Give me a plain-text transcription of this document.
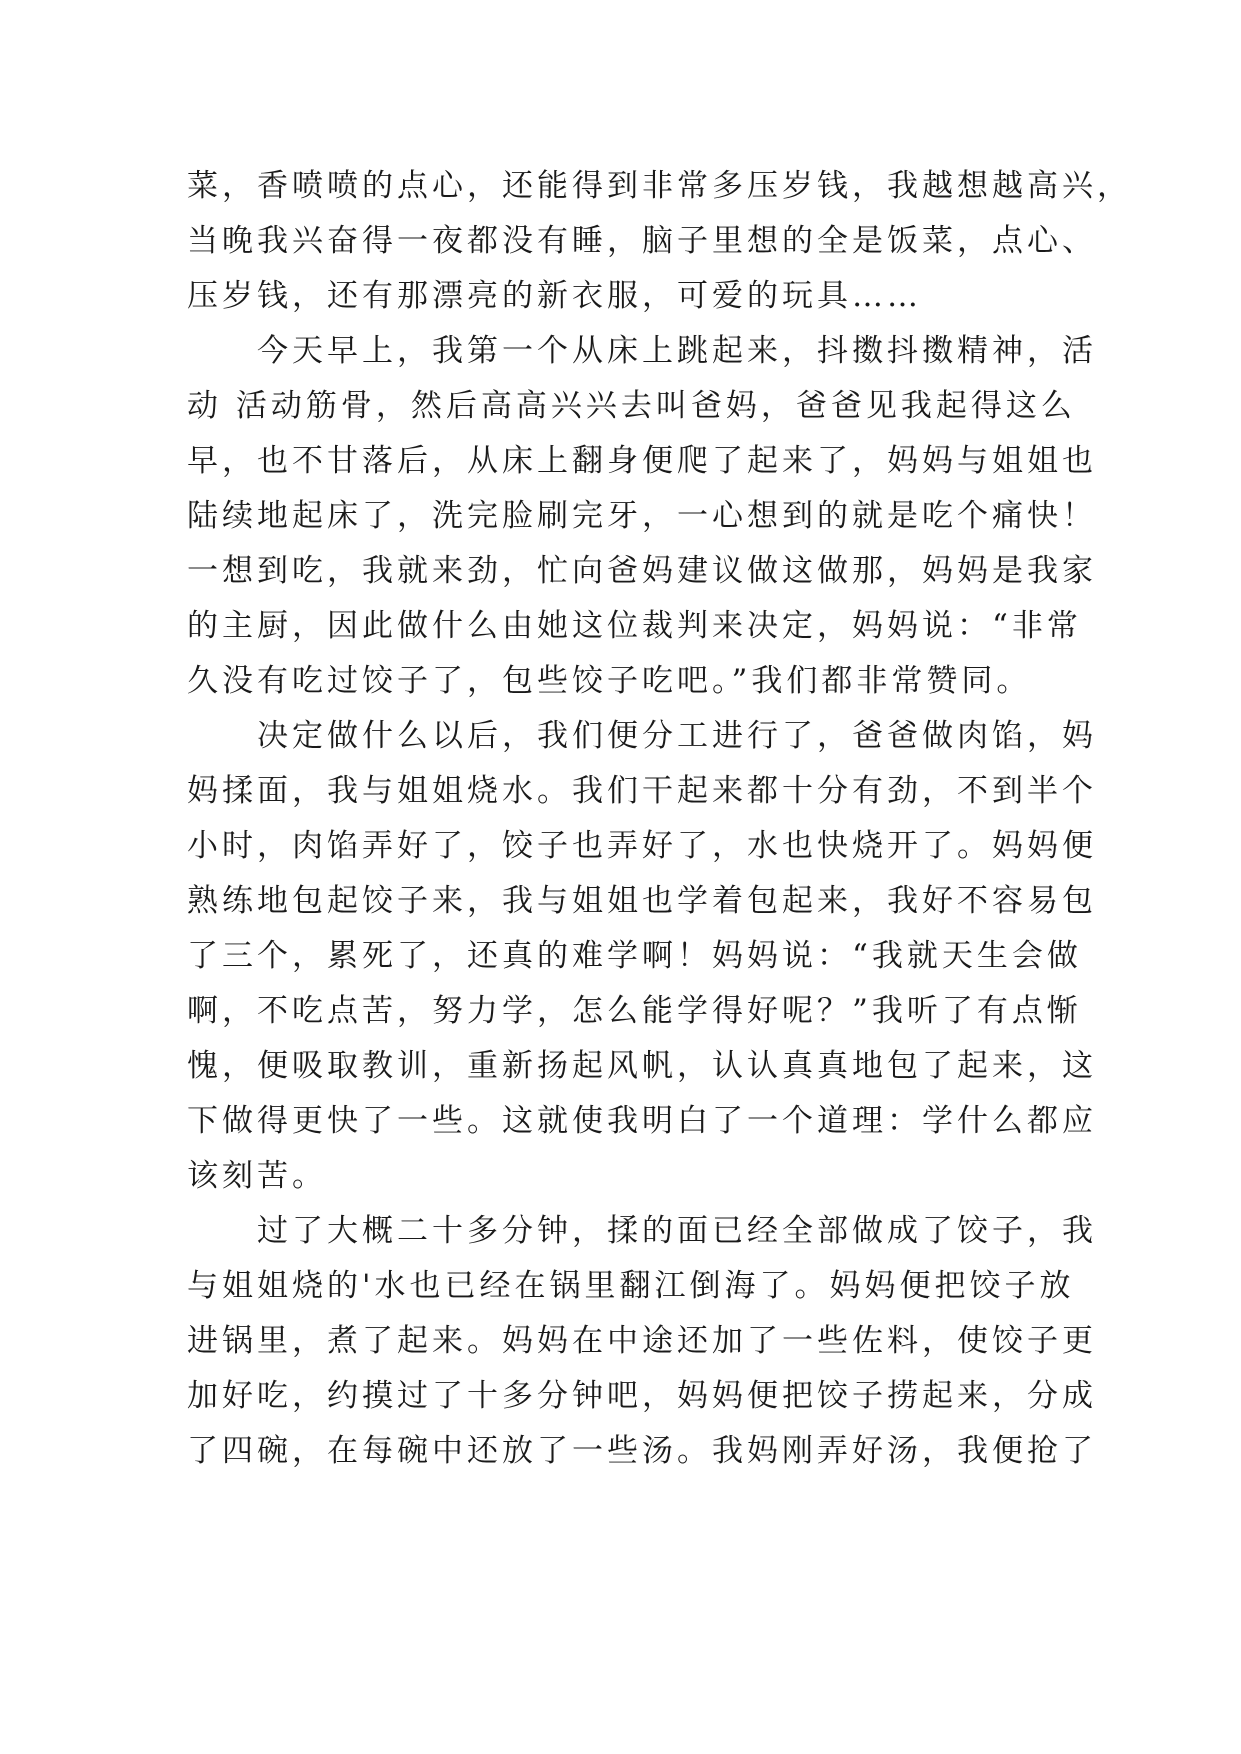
菜，香喷喷的点心，还能得到非常多压岁钱，我越想越高兴，
当晚我兴奋得一夜都没有睡，脑子里想的全是饭菜，点心、
压岁钱，还有那漂亮的新衣服，可爱的玩具……
今天早上，我第一个从床上跳起来，抖擞抖擞精神，活
动 活动筋骨，然后高高兴兴去叫爸妈，爸爸见我起得这么
早，也不甘落后，从床上翻身便爬了起来了，妈妈与姐姐也
陆续地起床了，洗完脸刷完牙，一心想到的就是吃个痛快！
一想到吃，我就来劲，忙向爸妈建议做这做那，妈妈是我家
的主厨，因此做什么由她这位裁判来决定，妈妈说：“非常
久没有吃过饺子了，包些饺子吃吧。”我们都非常赞同。
决定做什么以后，我们便分工进行了，爸爸做肉馅，妈
妈揉面，我与姐姐烧水。我们干起来都十分有劲，不到半个
小时，肉馅弄好了，饺子也弄好了，水也快烧开了。妈妈便
熟练地包起饺子来，我与姐姐也学着包起来，我好不容易包
了三个，累死了，还真的难学啊！妈妈说：“我就天生会做
啊，不吃点苦，努力学，怎么能学得好呢？”我听了有点惭
愧，便吸取教训，重新扬起风帆，认认真真地包了起来，这
下做得更快了一些。这就使我明白了一个道理：学什么都应
该刻苦。
过了大概二十多分钟，揉的面已经全部做成了饺子，我
与姐姐烧的'水也已经在锅里翻江倒海了。妈妈便把饺子放
进锅里，煮了起来。妈妈在中途还加了一些佐料，使饺子更
加好吃，约摸过了十多分钟吧，妈妈便把饺子捞起来，分成
了四碗，在每碗中还放了一些汤。我妈刚弄好汤，我便抢了
